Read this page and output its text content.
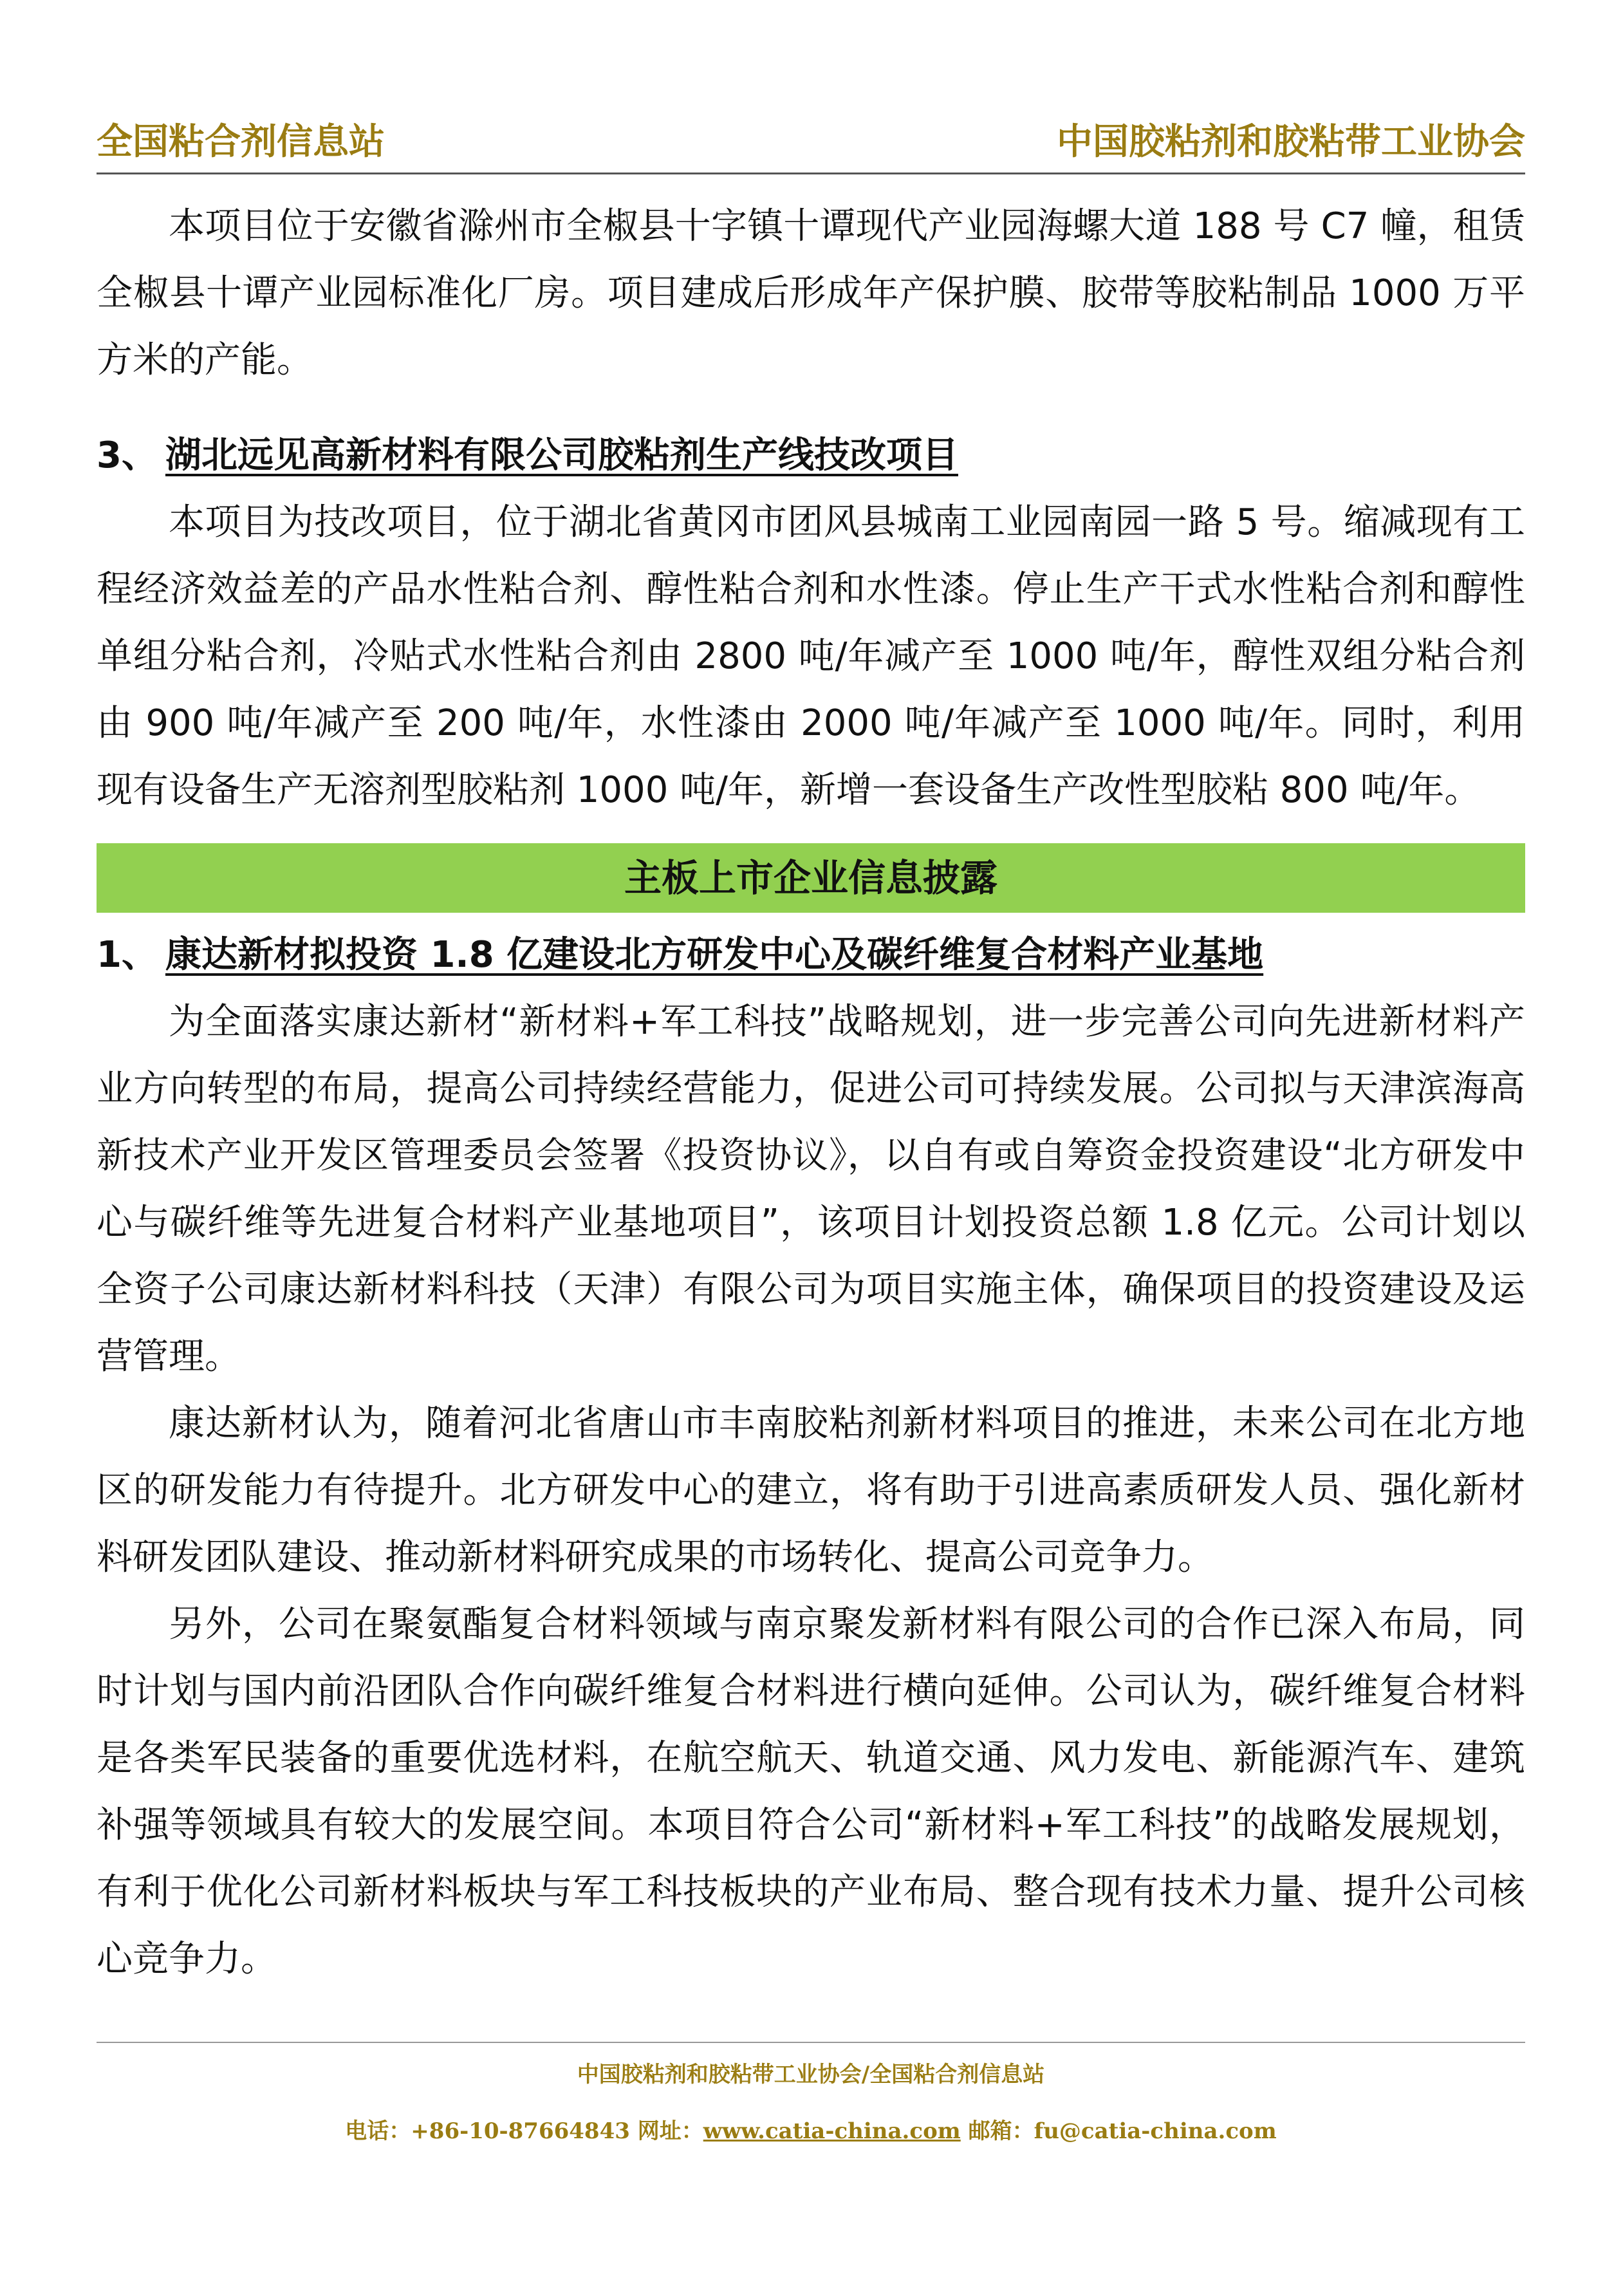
全国粘合剂信息站	中国胶粘剂和胶粘带工业协会

本项目位于安徽省滁州市全椒县十字镇十谭现代产业园海螺大道 188 号 C7 幢，租赁全椒县十谭产业园标准化厂房。项目建成后形成年产保护膜、胶带等胶粘制品 1000 万平方米的产能。

3、 湖北远见高新材料有限公司胶粘剂生产线技改项目

本项目为技改项目，位于湖北省黄冈市团风县城南工业园南园一路 5 号。缩减现有工程经济效益差的产品水性粘合剂、醇性粘合剂和水性漆。停止生产干式水性粘合剂和醇性单组分粘合剂，冷贴式水性粘合剂由 2800 吨/年减产至 1000 吨/年，醇性双组分粘合剂由 900 吨/年减产至 200 吨/年，水性漆由 2000 吨/年减产至 1000 吨/年。同时，利用现有设备生产无溶剂型胶粘剂 1000 吨/年，新增一套设备生产改性型胶粘 800 吨/年。

主板上市企业信息披露

1、 康达新材拟投资 1.8 亿建设北方研发中心及碳纤维复合材料产业基地

为全面落实康达新材“新材料+军工科技”战略规划，进一步完善公司向先进新材料产业方向转型的布局，提高公司持续经营能力，促进公司可持续发展。公司拟与天津滨海高新技术产业开发区管理委员会签署《投资协议》，以自有或自筹资金投资建设“北方研发中心与碳纤维等先进复合材料产业基地项目”，该项目计划投资总额 1.8 亿元。公司计划以全资子公司康达新材料科技（天津）有限公司为项目实施主体，确保项目的投资建设及运营管理。

康达新材认为，随着河北省唐山市丰南胶粘剂新材料项目的推进，未来公司在北方地区的研发能力有待提升。北方研发中心的建立，将有助于引进高素质研发人员、强化新材料研发团队建设、推动新材料研究成果的市场转化、提高公司竞争力。

另外，公司在聚氨酯复合材料领域与南京聚发新材料有限公司的合作已深入布局，同时计划与国内前沿团队合作向碳纤维复合材料进行横向延伸。公司认为，碳纤维复合材料是各类军民装备的重要优选材料，在航空航天、轨道交通、风力发电、新能源汽车、建筑补强等领域具有较大的发展空间。本项目符合公司“新材料+军工科技”的战略发展规划，有利于优化公司新材料板块与军工科技板块的产业布局、整合现有技术力量、提升公司核心竞争力。

中国胶粘剂和胶粘带工业协会/全国粘合剂信息站
电话：+86-10-87664843 网址：www.catia-china.com 邮箱：fu@catia-china.com
